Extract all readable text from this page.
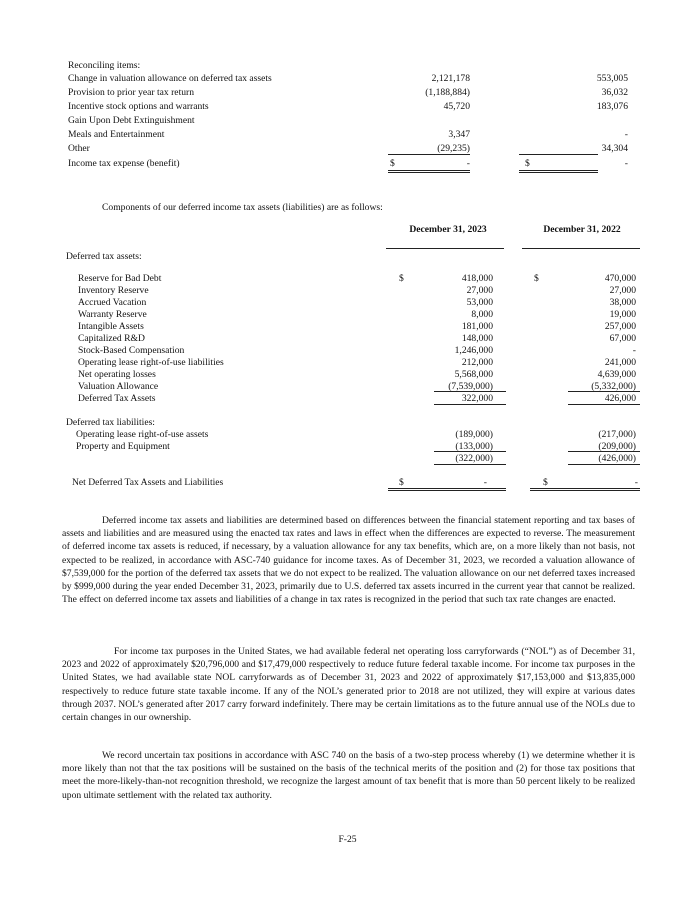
Reconciling items:
Change in valuation allowance on deferred tax assets	2,121,178	553,005
Provision to prior year tax return	(1,188,884)	36,032
Incentive stock options and warrants	45,720	183,076
Gain Upon Debt Extinguishment
Meals and Entertainment	3,347	-
Other	(29,235)	34,304
Income tax expense (benefit)	$	-	$	-
Components of our deferred income tax assets (liabilities) are as follows:
December 31, 2023	December 31, 2022
Deferred tax assets:
$	$
Reserve for Bad Debt	418,000	470,000
Inventory Reserve	27,000	27,000
Accrued Vacation	53,000	38,000
Warranty Reserve	8,000	19,000
Intangible Assets	181,000	257,000
Capitalized R&D	148,000	67,000
Stock-Based Compensation	1,246,000	-
Operating lease right-of-use liabilities	212,000	241,000
Net operating losses	5,568,000	4,639,000
Valuation Allowance	(7,539,000)	(5,332,000)
Deferred Tax Assets	322,000	426,000
Deferred tax liabilities:
Operating lease right-of-use assets	(189,000)	(217,000)
Property and Equipment	(133,000)	(209,000)
(322,000)	(426,000)
Net Deferred Tax Assets and Liabilities	$	-	$	-

Deferred income tax assets and liabilities are determined based on differences between the financial statement reporting and tax bases of assets and liabilities and are measured using the enacted tax rates and laws in effect when the differences are expected to reverse. The measurement of deferred income tax assets is reduced, if necessary, by a valuation allowance for any tax benefits, which are, on a more likely than not basis, not expected to be realized, in accordance with ASC-740 guidance for income taxes. As of December 31, 2023, we recorded a valuation allowance of $7,539,000 for the portion of the deferred tax assets that we do not expect to be realized. The valuation allowance on our net deferred taxes increased by $999,000 during the year ended December 31, 2023, primarily due to U.S. deferred tax assets incurred in the current year that cannot be realized. The effect on deferred income tax assets and liabilities of a change in tax rates is recognized in the period that such tax rate changes are enacted.

For income tax purposes in the United States, we had available federal net operating loss carryforwards (“NOL”) as of December 31, 2023 and 2022 of approximately $20,796,000 and $17,479,000 respectively to reduce future federal taxable income. For income tax purposes in the United States, we had available state NOL carryforwards as of December 31, 2023 and 2022 of approximately $17,153,000 and $13,835,000 respectively to reduce future state taxable income. If any of the NOL’s generated prior to 2018 are not utilized, they will expire at various dates through 2037. NOL’s generated after 2017 carry forward indefinitely. There may be certain limitations as to the future annual use of the NOLs due to certain changes in our ownership.

We record uncertain tax positions in accordance with ASC 740 on the basis of a two-step process whereby (1) we determine whether it is more likely than not that the tax positions will be sustained on the basis of the technical merits of the position and (2) for those tax positions that meet the more-likely-than-not recognition threshold, we recognize the largest amount of tax benefit that is more than 50 percent likely to be realized upon ultimate settlement with the related tax authority.

F-25
